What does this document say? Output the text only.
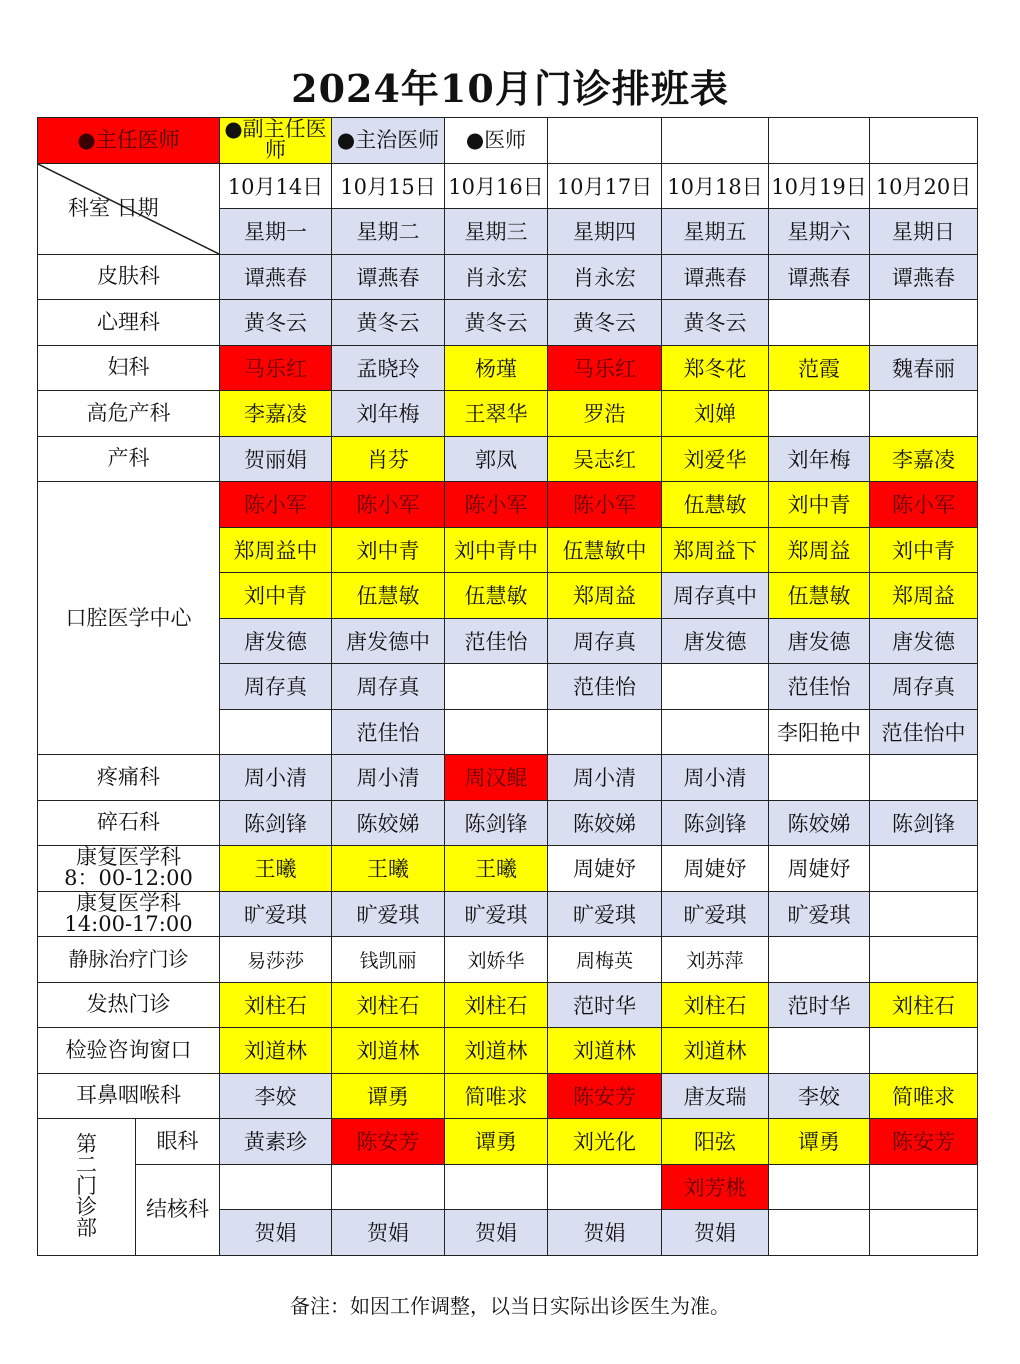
2024年10月门诊排班表
●主任医师		●副主任医师	●主治医师	●医师				

科室 日期		10月14日	10月15日	10月16日	10月17日	10月18日	10月19日	10月20日
		星期一	星期二	星期三	星期四	星期五	星期六	星期日
皮肤科		谭燕春	谭燕春	肖永宏	肖永宏	谭燕春	谭燕春	谭燕春
心理科		黄冬云	黄冬云	黄冬云	黄冬云	黄冬云		
妇科		马乐红	孟晓玲	杨瑾	马乐红	郑冬花	范霞	魏春丽
高危产科		李嘉凌	刘年梅	王翠华	罗浩	刘婵		
产科		贺丽娟	肖芬	郭凤	吴志红	刘爱华	刘年梅	李嘉凌
口腔医学中心		陈小军	陈小军	陈小军	陈小军	伍慧敏	刘中青	陈小军
		郑周益中	刘中青	刘中青中	伍慧敏中	郑周益下	郑周益	刘中青
		刘中青	伍慧敏	伍慧敏	郑周益	周存真中	伍慧敏	郑周益
		唐发德	唐发德中	范佳怡	周存真	唐发德	唐发德	唐发德
		周存真	周存真		范佳怡		范佳怡	周存真
			范佳怡				李阳艳中	范佳怡中
疼痛科		周小清	周小清	周汉鲲	周小清	周小清		
碎石科		陈剑锋	陈姣娣	陈剑锋	陈姣娣	陈剑锋	陈姣娣	陈剑锋

康复医学科
8：00-12:00		王曦	王曦	王曦	周婕妤	周婕妤	周婕妤	

康复医学科
14:00-17:00		旷爱琪	旷爱琪	旷爱琪	旷爱琪	旷爱琪	旷爱琪	
静脉治疗门诊		易莎莎	钱凯丽	刘娇华	周梅英	刘苏萍		
发热门诊		刘柱石	刘柱石	刘柱石	范时华	刘柱石	范时华	刘柱石
检验咨询窗口		刘道林	刘道林	刘道林	刘道林	刘道林		
耳鼻咽喉科		李姣	谭勇	简唯求	陈安芳	唐友瑞	李姣	简唯求

第
二
门
诊
部	眼科	黄素珍	陈安芳	谭勇	刘光化	阳弦	谭勇	陈安芳
	结核科					刘芳桃		
		贺娟	贺娟	贺娟	贺娟	贺娟		
备注：如因工作调整，以当日实际出诊医生为准。
